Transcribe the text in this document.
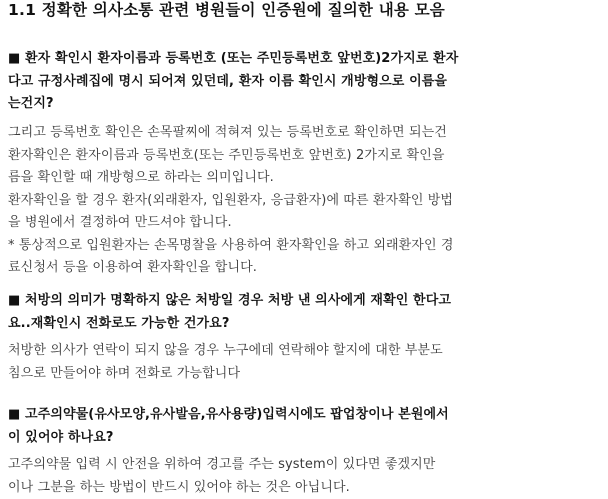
1.1 정확한 의사소통 관련 병원들이 인증원에 질의한 내용 모음
■ 환자 확인시 환자이름과 등록번호 (또는 주민등록번호 앞번호)2가지로 환자
다고 규정사례집에 명시 되어져 있던데, 환자 이름 확인시 개방형으로 이름을
는건지?
그리고 등록번호 확인은 손목팔찌에 적혀져 있는 등록번호로 확인하면 되는건
환자확인은 환자이름과 등록번호(또는 주민등록번호 앞번호) 2가지로 확인을
름을 확인할 때 개방형으로 하라는 의미입니다.
환자확인을 할 경우 환자(외래환자, 입원환자, 응급환자)에 따른 환자확인 방법
을 병원에서 결정하여 만드셔야 합니다.
* 통상적으로 입원환자는 손목명찰을 사용하여 환자확인을 하고 외래환자인 경
료신청서 등을 이용하여 환자확인을 합니다.
■ 처방의 의미가 명확하지 않은 처방일 경우 처방 낸 의사에게 재확인 한다고
요..재확인시 전화로도 가능한 건가요?
처방한 의사가 연락이 되지 않을 경우 누구에데 연락해야 할지에 대한 부분도
침으로 만들어야 하며 전화로 가능합니다
■ 고주의약물(유사모양,유사발음,유사용량)입력시에도 팝업창이나 본원에서
이 있어야 하나요?
고주의약물 입력 시 안전을 위하여 경고를 주는 system이 있다면 좋겠지만
이나 그분을 하는 방법이 반드시 있어야 하는 것은 아닙니다.
